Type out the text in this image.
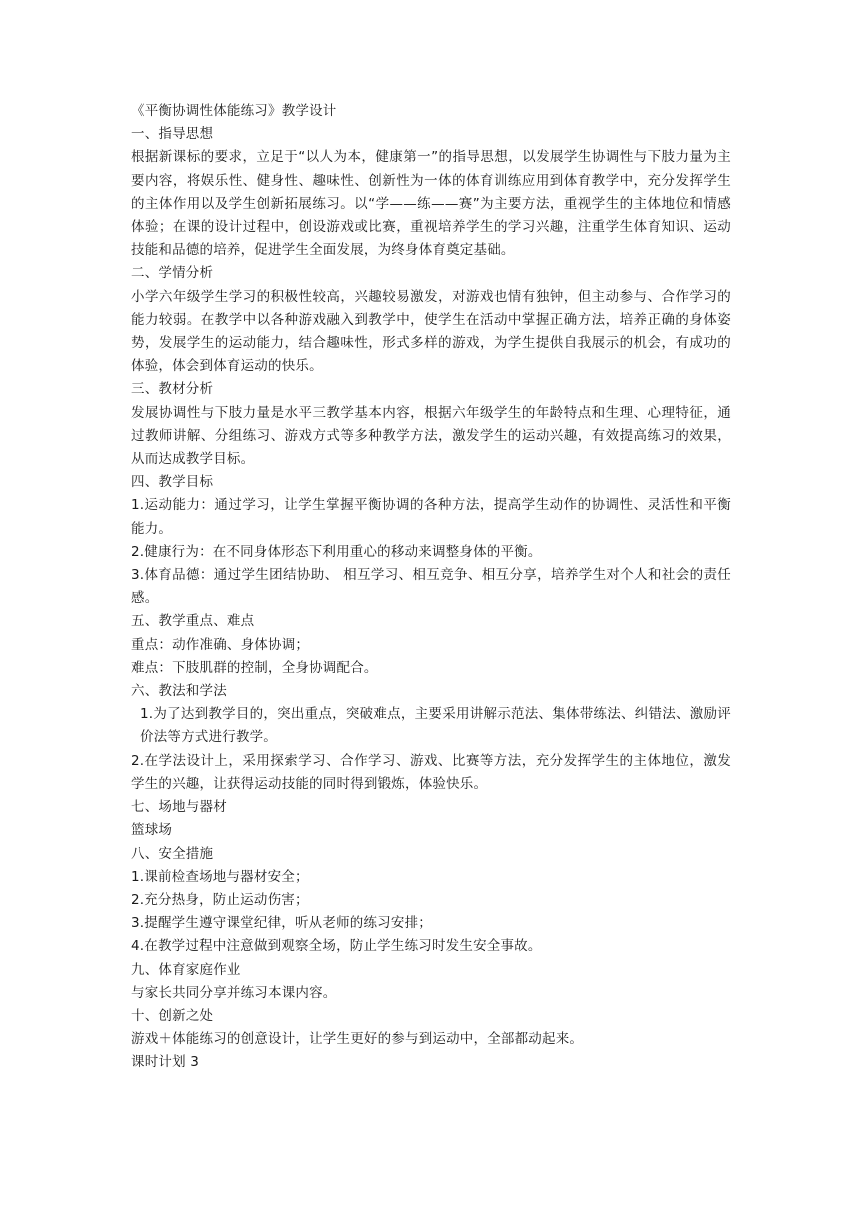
《平衡协调性体能练习》教学设计
一、指导思想
根据新课标的要求，立足于“以人为本，健康第一”的指导思想，以发展学生协调性与下肢力量为主要内容，将娱乐性、健身性、趣味性、创新性为一体的体育训练应用到体育教学中，充分发挥学生的主体作用以及学生创新拓展练习。以“学——练——赛”为主要方法，重视学生的主体地位和情感体验；在课的设计过程中，创设游戏或比赛，重视培养学生的学习兴趣，注重学生体育知识、运动技能和品德的培养，促进学生全面发展，为终身体育奠定基础。
二、学情分析
小学六年级学生学习的积极性较高，兴趣较易激发，对游戏也情有独钟，但主动参与、合作学习的能力较弱。在教学中以各种游戏融入到教学中，使学生在活动中掌握正确方法，培养正确的身体姿势，发展学生的运动能力，结合趣味性，形式多样的游戏，为学生提供自我展示的机会，有成功的体验，体会到体育运动的快乐。
三、教材分析
发展协调性与下肢力量是水平三教学基本内容，根据六年级学生的年龄特点和生理、心理特征，通过教师讲解、分组练习、游戏方式等多种教学方法，激发学生的运动兴趣，有效提高练习的效果，从而达成教学目标。
四、教学目标
1.运动能力：通过学习，让学生掌握平衡协调的各种方法，提高学生动作的协调性、灵活性和平衡能力。
2.健康行为：在不同身体形态下利用重心的移动来调整身体的平衡。
3.体育品德：通过学生团结协助、 相互学习、相互竞争、相互分享，培养学生对个人和社会的责任感。
五、教学重点、难点
重点：动作准确、身体协调；
难点：下肢肌群的控制，全身协调配合。
六、教法和学法
1.为了达到教学目的，突出重点，突破难点，主要采用讲解示范法、集体带练法、纠错法、激励评价法等方式进行教学。
2.在学法设计上，采用探索学习、合作学习、游戏、比赛等方法，充分发挥学生的主体地位，激发学生的兴趣，让获得运动技能的同时得到锻炼，体验快乐。
七、场地与器材
篮球场
八、安全措施
1.课前检查场地与器材安全；
2.充分热身，防止运动伤害；
3.提醒学生遵守课堂纪律，听从老师的练习安排；
4.在教学过程中注意做到观察全场，防止学生练习时发生安全事故。
九、体育家庭作业
与家长共同分享并练习本课内容。
十、创新之处
游戏＋体能练习的创意设计，让学生更好的参与到运动中，全部都动起来。
课时计划 3
